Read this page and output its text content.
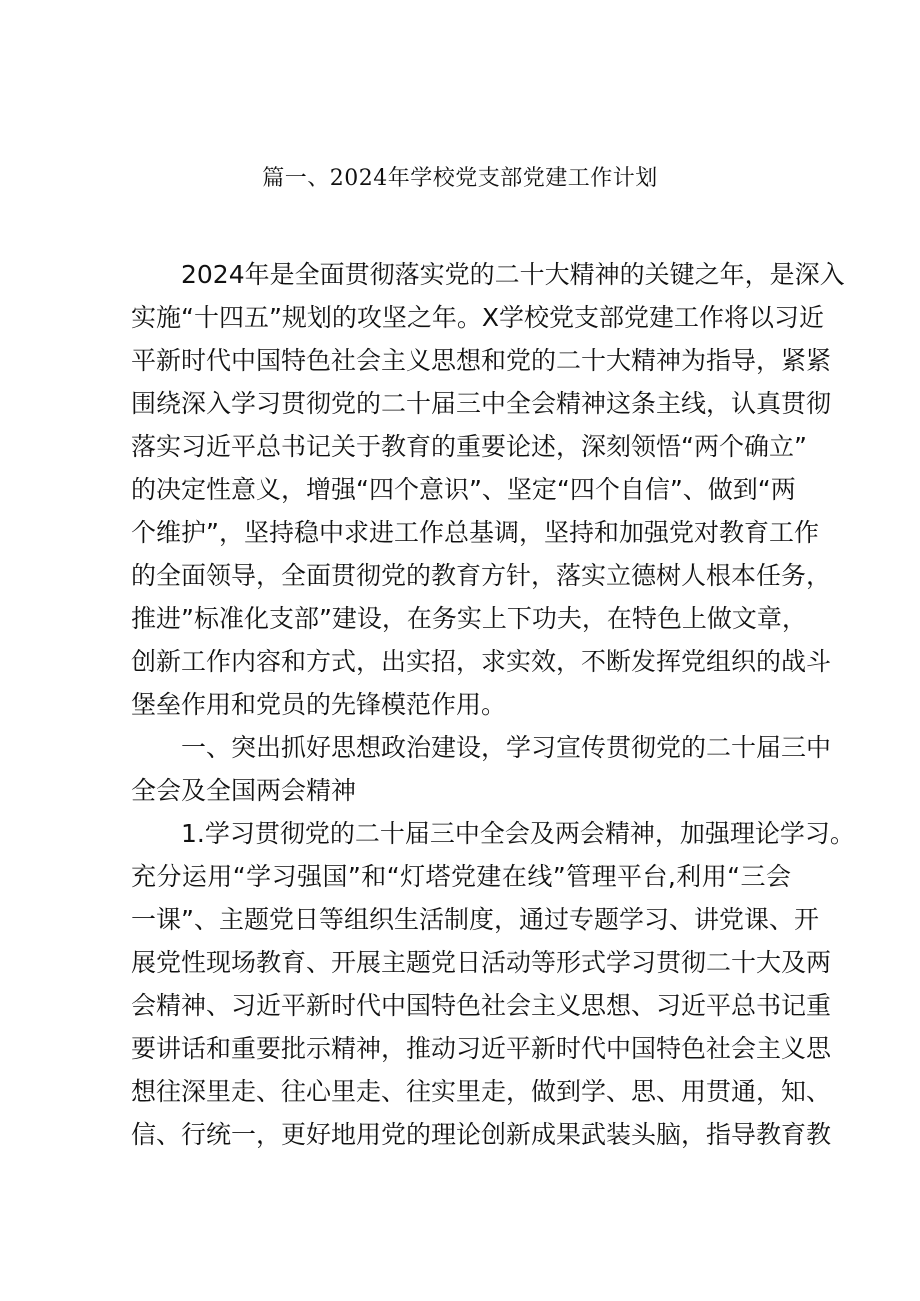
篇一、2024年学校党支部党建工作计划
2024年是全面贯彻落实党的二十大精神的关键之年，是深入
实施“十四五”规划的攻坚之年。X学校党支部党建工作将以习近
平新时代中国特色社会主义思想和党的二十大精神为指导，紧紧
围绕深入学习贯彻党的二十届三中全会精神这条主线，认真贯彻
落实习近平总书记关于教育的重要论述，深刻领悟“两个确立”
的决定性意义，增强“四个意识”、坚定“四个自信”、做到“两
个维护”，坚持稳中求进工作总基调，坚持和加强党对教育工作
的全面领导，全面贯彻党的教育方针，落实立德树人根本任务，
推进”标准化支部”建设，在务实上下功夫，在特色上做文章，
创新工作内容和方式，出实招，求实效，不断发挥党组织的战斗
堡垒作用和党员的先锋模范作用。
一、突出抓好思想政治建设，学习宣传贯彻党的二十届三中
全会及全国两会精神
1.学习贯彻党的二十届三中全会及两会精神，加强理论学习。
充分运用“学习强国”和“灯塔党建在线”管理平台,利用“三会
一课”、主题党日等组织生活制度，通过专题学习、讲党课、开
展党性现场教育、开展主题党日活动等形式学习贯彻二十大及两
会精神、习近平新时代中国特色社会主义思想、习近平总书记重
要讲话和重要批示精神，推动习近平新时代中国特色社会主义思
想往深里走、往心里走、往实里走，做到学、思、用贯通，知、
信、行统一，更好地用党的理论创新成果武装头脑，指导教育教
